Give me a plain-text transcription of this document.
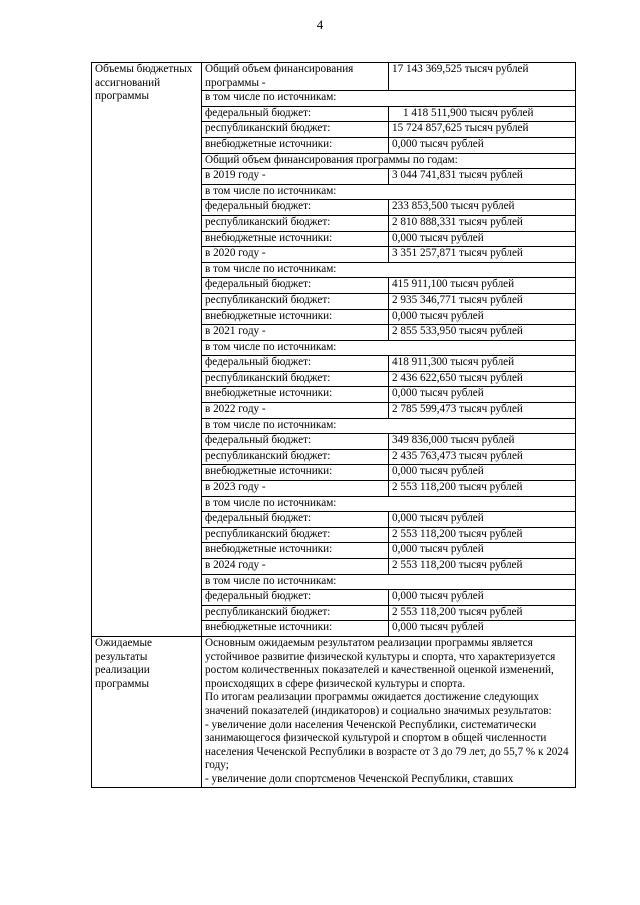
4
Объемы бюджетных ассигнований программы	Общий объем финансирования программы -	17 143 369,525 тысяч рублей
	в том числе по источникам:	
	федеральный бюджет:	1 418 511,900 тысяч рублей
	республиканский бюджет:	15 724 857,625 тысяч рублей
	внебюджетные источники:	0,000 тысяч рублей
	Общий объем финансирования программы по годам:	
	в 2019 году -	3 044 741,831 тысяч рублей
	в том числе по источникам:	
	федеральный бюджет:	233 853,500 тысяч рублей
	республиканский бюджет:	2 810 888,331 тысяч рублей
	внебюджетные источники:	0,000 тысяч рублей
	в 2020 году -	3 351 257,871 тысяч рублей
	в том числе по источникам:	
	федеральный бюджет:	415 911,100 тысяч рублей
	республиканский бюджет:	2 935 346,771 тысяч рублей
	внебюджетные источники:	0,000 тысяч рублей
	в 2021 году -	2 855 533,950 тысяч рублей
	в том числе по источникам:	
	федеральный бюджет:	418 911,300 тысяч рублей
	республиканский бюджет:	2 436 622,650 тысяч рублей
	внебюджетные источники:	0,000 тысяч рублей
	в 2022 году -	2 785 599,473 тысяч рублей
	в том числе по источникам:	
	федеральный бюджет:	349 836,000 тысяч рублей
	республиканский бюджет:	2 435 763,473 тысяч рублей
	внебюджетные источники:	0,000 тысяч рублей
	в 2023 году -	2 553 118,200 тысяч рублей
	в том числе по источникам:	
	федеральный бюджет:	0,000 тысяч рублей
	республиканский бюджет:	2 553 118,200 тысяч рублей
	внебюджетные источники:	0,000 тысяч рублей
	в 2024 году -	2 553 118,200 тысяч рублей
	в том числе по источникам:	
	федеральный бюджет:	0,000 тысяч рублей
	республиканский бюджет:	2 553 118,200 тысяч рублей
	внебюджетные источники:	0,000 тысяч рублей
Ожидаемые результаты реализации программы	Основным ожидаемым результатом реализации программы является устойчивое развитие физической культуры и спорта, что характеризуется ростом количественных показателей и качественной оценкой изменений, происходящих в сфере физической культуры и спорта.
По итогам реализации программы ожидается достижение следующих значений показателей (индикаторов) и социально значимых результатов:
- увеличение доли населения Чеченской Республики, систематически занимающегося физической культурой и спортом в общей численности населения Чеченской Республики в возрасте от 3 до 79 лет, до 55,7 % к 2024 году;
- увеличение доли спортсменов Чеченской Республики, ставших	
